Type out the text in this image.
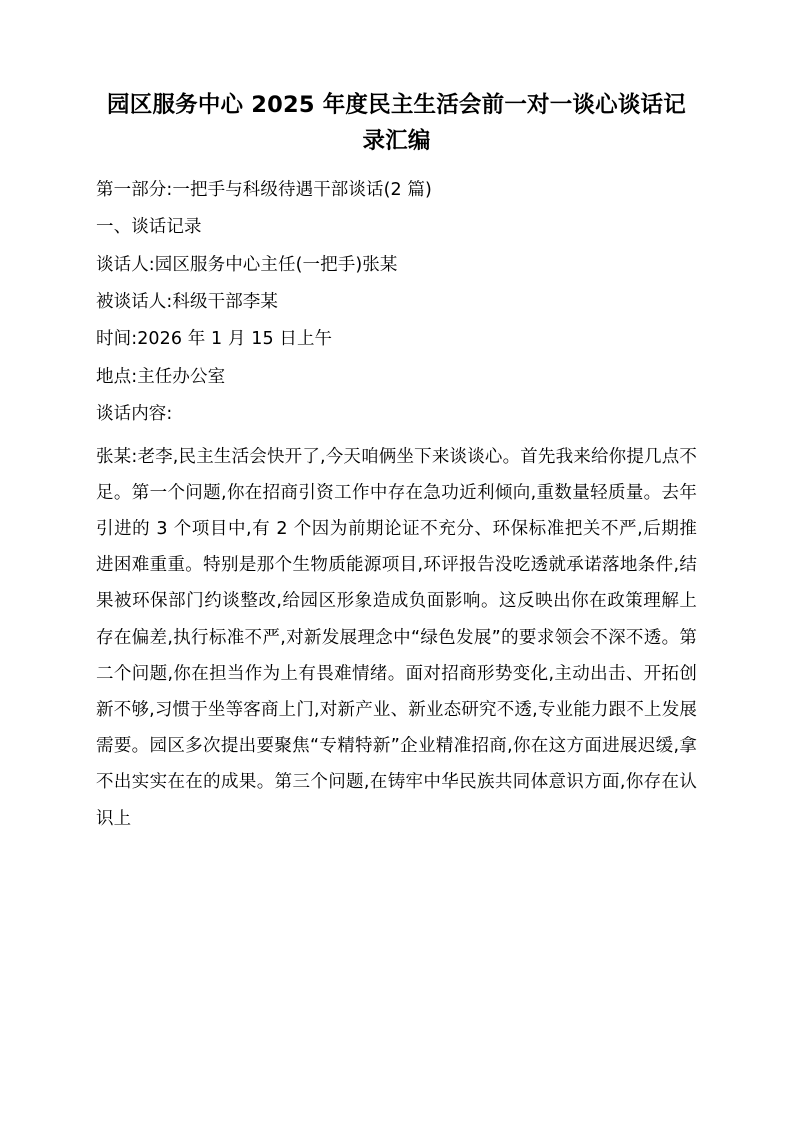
园区服务中心 2025 年度民主生活会前一对一谈心谈话记录汇编

第一部分:一把手与科级待遇干部谈话(2 篇)

一、谈话记录

谈话人:园区服务中心主任(一把手)张某

被谈话人:科级干部李某

时间:2026 年 1 月 15 日上午

地点:主任办公室

谈话内容:

张某:老李,民主生活会快开了,今天咱俩坐下来谈谈心。首先我来给你提几点不足。第一个问题,你在招商引资工作中存在急功近利倾向,重数量轻质量。去年引进的 3 个项目中,有 2 个因为前期论证不充分、环保标准把关不严,后期推进困难重重。特别是那个生物质能源项目,环评报告没吃透就承诺落地条件,结果被环保部门约谈整改,给园区形象造成负面影响。这反映出你在政策理解上存在偏差,执行标准不严,对新发展理念中“绿色发展”的要求领会不深不透。第二个问题,你在担当作为上有畏难情绪。面对招商形势变化,主动出击、开拓创新不够,习惯于坐等客商上门,对新产业、新业态研究不透,专业能力跟不上发展需要。园区多次提出要聚焦“专精特新”企业精准招商,你在这方面进展迟缓,拿不出实实在在的成果。第三个问题,在铸牢中华民族共同体意识方面,你存在认识上
